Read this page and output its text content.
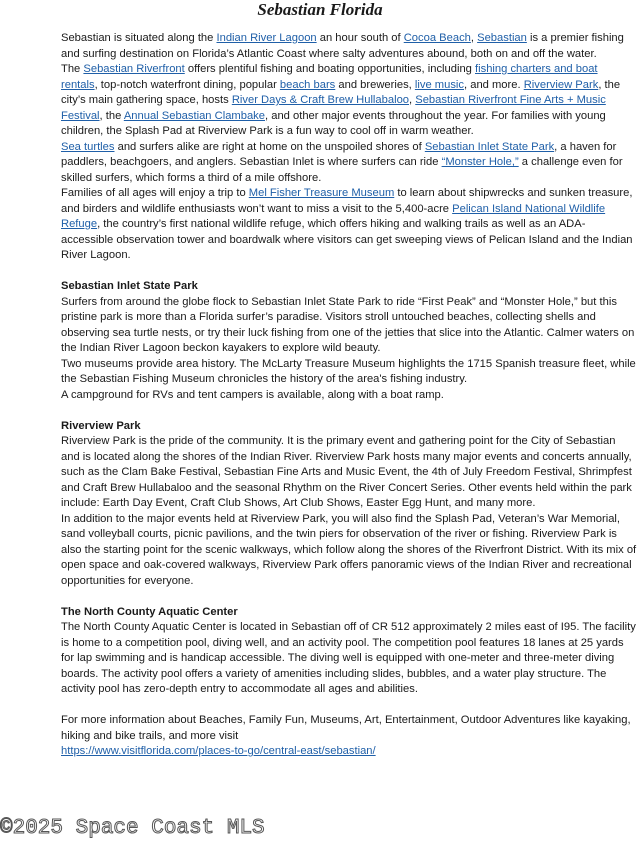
Sebastian Florida

Sebastian is situated along the Indian River Lagoon an hour south of Cocoa Beach, Sebastian is a premier fishing and surfing destination on Florida’s Atlantic Coast where salty adventures abound, both on and off the water.

The Sebastian Riverfront offers plentiful fishing and boating opportunities, including fishing charters and boat rentals, top-notch waterfront dining, popular beach bars and breweries, live music, and more. Riverview Park, the city’s main gathering space, hosts River Days & Craft Brew Hullabaloo, Sebastian Riverfront Fine Arts + Music Festival, the Annual Sebastian Clambake, and other major events throughout the year. For families with young children, the Splash Pad at Riverview Park is a fun way to cool off in warm weather.

Sea turtles and surfers alike are right at home on the unspoiled shores of Sebastian Inlet State Park, a haven for paddlers, beachgoers, and anglers. Sebastian Inlet is where surfers can ride “Monster Hole,” a challenge even for skilled surfers, which forms a third of a mile offshore.

Families of all ages will enjoy a trip to Mel Fisher Treasure Museum to learn about shipwrecks and sunken treasure, and birders and wildlife enthusiasts won’t want to miss a visit to the 5,400-acre Pelican Island National Wildlife Refuge, the country’s first national wildlife refuge, which offers hiking and walking trails as well as an ADA-accessible observation tower and boardwalk where visitors can get sweeping views of Pelican Island and the Indian River Lagoon.

Sebastian Inlet State Park

Surfers from around the globe flock to Sebastian Inlet State Park to ride “First Peak” and “Monster Hole,” but this pristine park is more than a Florida surfer’s paradise. Visitors stroll untouched beaches, collecting shells and observing sea turtle nests, or try their luck fishing from one of the jetties that slice into the Atlantic. Calmer waters on the Indian River Lagoon beckon kayakers to explore wild beauty.

Two museums provide area history. The McLarty Treasure Museum highlights the 1715 Spanish treasure fleet, while the Sebastian Fishing Museum chronicles the history of the area's fishing industry.

A campground for RVs and tent campers is available, along with a boat ramp.

Riverview Park

Riverview Park is the pride of the community. It is the primary event and gathering point for the City of Sebastian and is located along the shores of the Indian River. Riverview Park hosts many major events and concerts annually, such as the Clam Bake Festival, Sebastian Fine Arts and Music Event, the 4th of July Freedom Festival, Shrimpfest and Craft Brew Hullabaloo and the seasonal Rhythm on the River Concert Series. Other events held within the park include: Earth Day Event, Craft Club Shows, Art Club Shows, Easter Egg Hunt, and many more.

In addition to the major events held at Riverview Park, you will also find the Splash Pad, Veteran’s War Memorial, sand volleyball courts, picnic pavilions, and the twin piers for observation of the river or fishing. Riverview Park is also the starting point for the scenic walkways, which follow along the shores of the Riverfront District. With its mix of open space and oak-covered walkways, Riverview Park offers panoramic views of the Indian River and recreational opportunities for everyone.

The North County Aquatic Center

The North County Aquatic Center is located in Sebastian off of CR 512 approximately 2 miles east of I95. The facility is home to a competition pool, diving well, and an activity pool. The competition pool features 18 lanes at 25 yards for lap swimming and is handicap accessible. The diving well is equipped with one-meter and three-meter diving boards. The activity pool offers a variety of amenities including slides, bubbles, and a water play structure. The activity pool has zero-depth entry to accommodate all ages and abilities.

For more information about Beaches, Family Fun, Museums, Art, Entertainment, Outdoor Adventures like kayaking, hiking and bike trails, and more visit
https://www.visitflorida.com/places-to-go/central-east/sebastian/

©2025 Space Coast MLS
